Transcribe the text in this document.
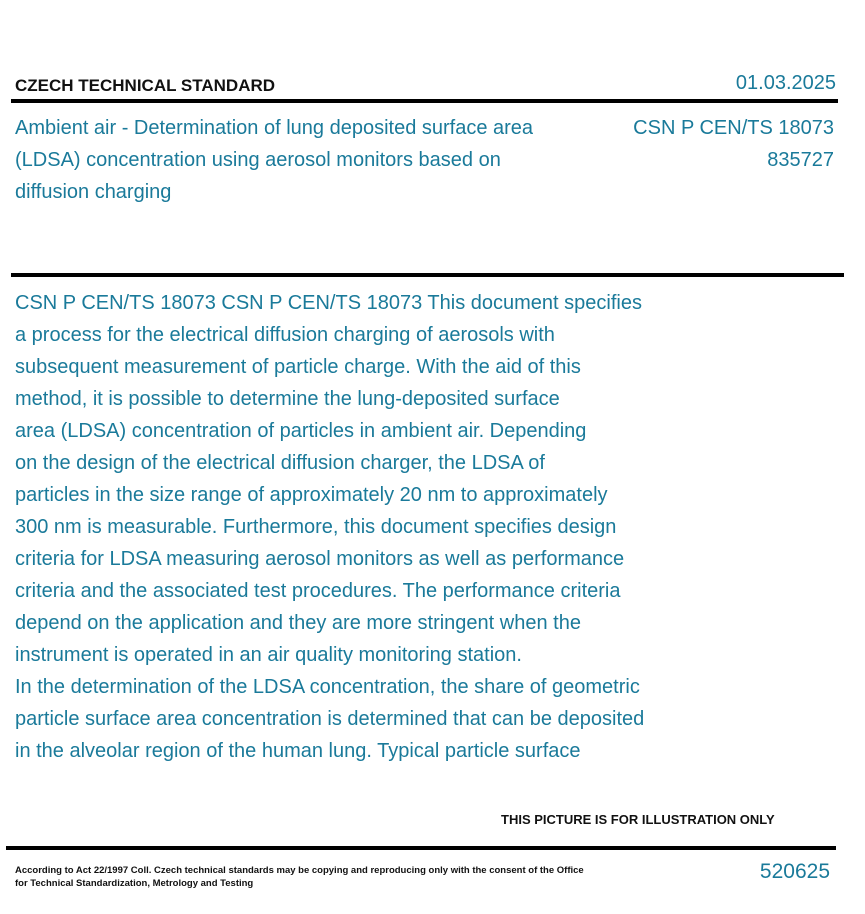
CZECH TECHNICAL STANDARD	01.03.2025
Ambient air - Determination of lung deposited surface area (LDSA) concentration using aerosol monitors based on diffusion charging
CSN P CEN/TS 18073
835727

CSN P CEN/TS 18073 CSN P CEN/TS 18073 This document specifies
a process for the electrical diffusion charging of aerosols with
subsequent measurement of particle charge. With the aid of this
method, it is possible to determine the lung-deposited surface
area (LDSA) concentration of particles in ambient air. Depending
on the design of the electrical diffusion charger, the LDSA of
particles in the size range of approximately 20 nm to approximately
300 nm is measurable. Furthermore, this document specifies design
criteria for LDSA measuring aerosol monitors as well as performance
criteria and the associated test procedures. The performance criteria
depend on the application and they are more stringent when the
instrument is operated in an air quality monitoring station.

In the determination of the LDSA concentration, the share of geometric
particle surface area concentration is determined that can be deposited
in the alveolar region of the human lung. Typical particle surface

THIS PICTURE IS FOR ILLUSTRATION ONLY
According to Act 22/1997 Coll. Czech technical standards may be copying and reproducing only with the consent of the Office for Technical Standardization, Metrology and Testing
520625
